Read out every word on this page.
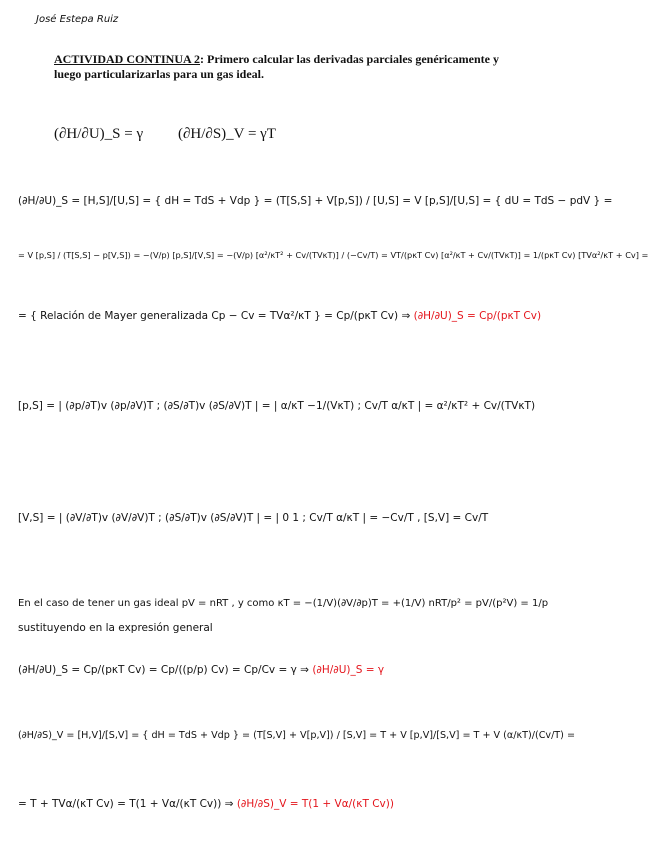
José Estepa Ruiz
ACTIVIDAD CONTINUA 2: Primero calcular las derivadas parciales genéricamente y luego particularizarlas para un gas ideal.
(∂H/∂U)_S = γ (∂H/∂S)_V = γT
(∂H/∂U)_S = [H,S]/[U,S] = { dH = TdS + Vdp } = (T[S,S] + V[p,S]) / [U,S] = V [p,S]/[U,S] = { dU = TdS − pdV } =
= V [p,S] / (T[S,S] − p[V,S]) = −(V/p) [p,S]/[V,S] = −(V/p) [α²/κT² + Cv/(TVκT)] / (−Cv/T) = VT/(pκT Cv) [α²/κT + Cv/(TVκT)] = 1/(pκT Cv) [TVα²/κT + Cv] =
= { Relación de Mayer generalizada Cp − Cv = TVα²/κT } = Cp/(pκT Cv) ⇒ (∂H/∂U)_S = Cp/(pκT Cv)
[p,S] = | (∂p/∂T)v (∂p/∂V)T ; (∂S/∂T)v (∂S/∂V)T | = | α/κT −1/(VκT) ; Cv/T α/κT | = α²/κT² + Cv/(TVκT)
[V,S] = | (∂V/∂T)v (∂V/∂V)T ; (∂S/∂T)v (∂S/∂V)T | = | 0 1 ; Cv/T α/κT | = −Cv/T , [S,V] = Cv/T
En el caso de tener un gas ideal pV = nRT , y como κT = −(1/V)(∂V/∂p)T = +(1/V) nRT/p² = pV/(p²V) = 1/p
sustituyendo en la expresión general
(∂H/∂U)_S = Cp/(pκT Cv) = Cp/((p/p) Cv) = Cp/Cv = γ ⇒ (∂H/∂U)_S = γ
(∂H/∂S)_V = [H,V]/[S,V] = { dH = TdS + Vdp } = (T[S,V] + V[p,V]) / [S,V] = T + V [p,V]/[S,V] = T + V (α/κT)/(Cv/T) =
= T + TVα/(κT Cv) = T(1 + Vα/(κT Cv)) ⇒ (∂H/∂S)_V = T(1 + Vα/(κT Cv))
